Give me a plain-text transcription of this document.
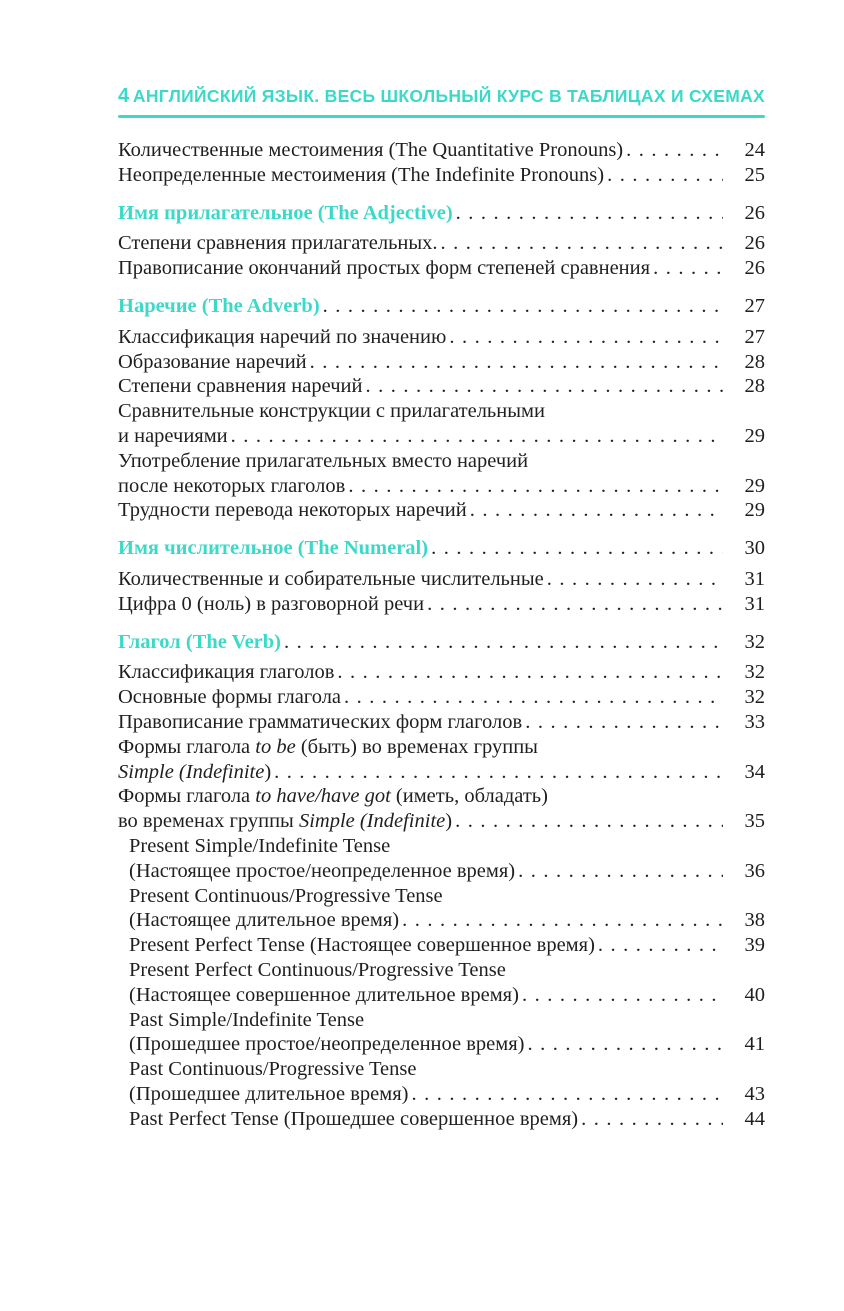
4 АНГЛИЙСКИЙ ЯЗЫК. ВЕСЬ ШКОЛЬНЫЙ КУРС В ТАБЛИЦАХ И СХЕМАХ
Количественные местоимения (The Quantitative Pronouns) .....	24
Неопределенные местоимения (The Indefinite Pronouns) .....	25
Имя прилагательное (The Adjective) .....	26
Степени сравнения прилагательных. .....	26
Правописание окончаний простых форм степеней сравнения .....	26
Наречие (The Adverb) .....	27
Классификация наречий по значению .....	27
Образование наречий .....	28
Степени сравнения наречий .....	28
Сравнительные конструкции с прилагательными
и наречиями .....	29
Употребление прилагательных вместо наречий
после некоторых глаголов .....	29
Трудности перевода некоторых наречий .....	29
Имя числительное (The Numeral) .....	30
Количественные и собирательные числительные .....	31
Цифра 0 (ноль) в разговорной речи .....	31
Глагол (The Verb) .....	32
Классификация глаголов .....	32
Основные формы глагола .....	32
Правописание грамматических форм глаголов .....	33
Формы глагола to be (быть) во временах группы
Simple (Indefinite) .....	34
Формы глагола to have/have got (иметь, обладать)
во временах группы Simple (Indefinite) .....	35
Present Simple/Indefinite Tense
(Настоящее простое/неопределенное время) .....	36
Present Continuous/Progressive Tense
(Настоящее длительное время) .....	38
Present Perfect Tense (Настоящее совершенное время) .....	39
Present Perfect Continuous/Progressive Tense
(Настоящее совершенное длительное время) .....	40
Past Simple/Indefinite Tense
(Прошедшее простое/неопределенное время) .....	41
Past Continuous/Progressive Tense
(Прошедшее длительное время) .....	43
Past Perfect Tense (Прошедшее совершенное время) .....	44
